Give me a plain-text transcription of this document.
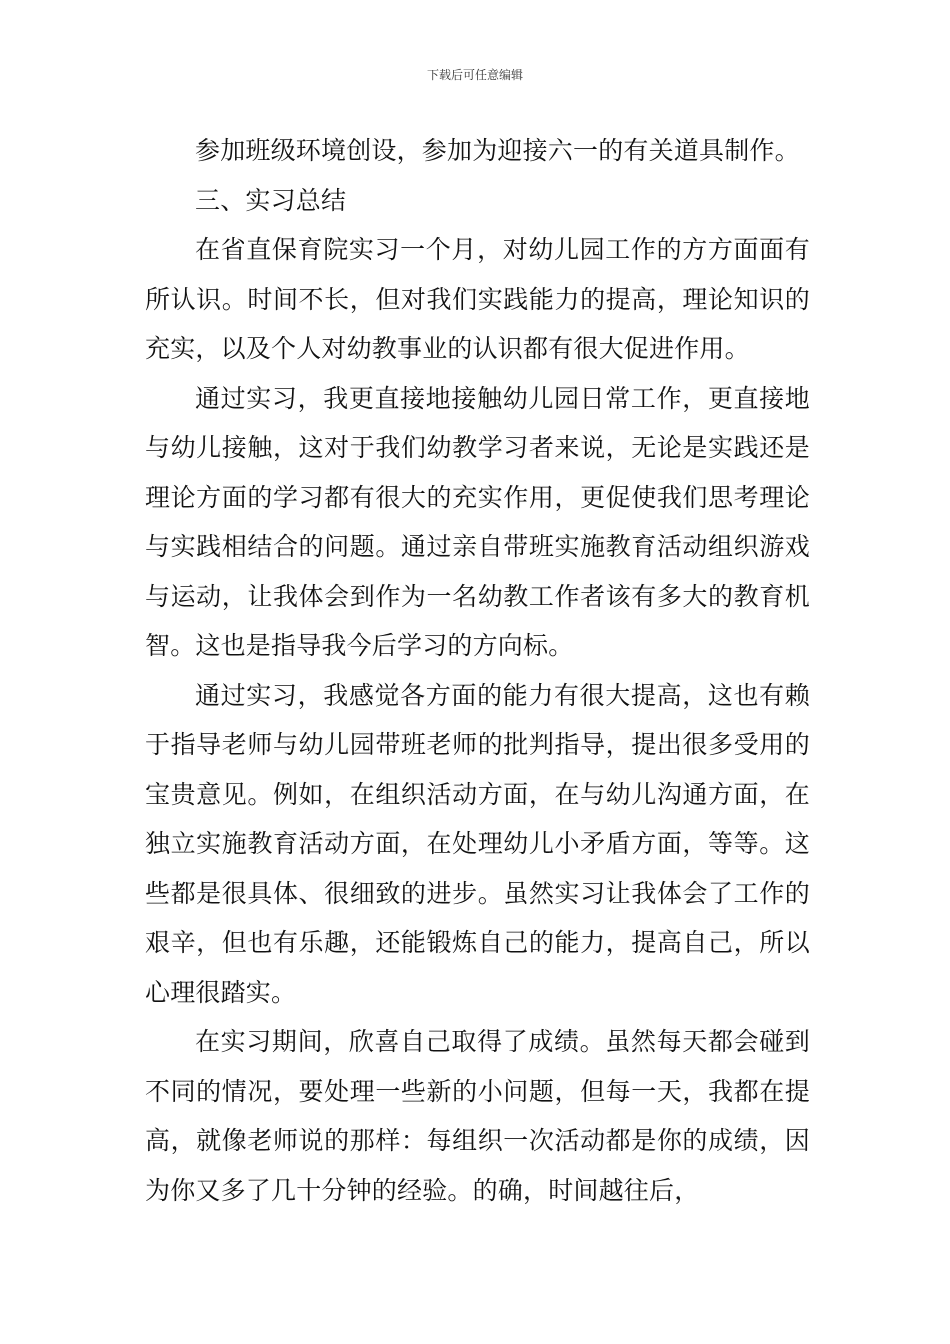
下载后可任意编辑

参加班级环境创设，参加为迎接六一的有关道具制作。

三、实习总结

在省直保育院实习一个月，对幼儿园工作的方方面面有所认识。时间不长，但对我们实践能力的提高，理论知识的充实，以及个人对幼教事业的认识都有很大促进作用。

通过实习，我更直接地接触幼儿园日常工作，更直接地与幼儿接触，这对于我们幼教学习者来说，无论是实践还是理论方面的学习都有很大的充实作用，更促使我们思考理论与实践相结合的问题。通过亲自带班实施教育活动组织游戏与运动，让我体会到作为一名幼教工作者该有多大的教育机智。这也是指导我今后学习的方向标。

通过实习，我感觉各方面的能力有很大提高，这也有赖于指导老师与幼儿园带班老师的批判指导，提出很多受用的宝贵意见。例如，在组织活动方面，在与幼儿沟通方面，在独立实施教育活动方面，在处理幼儿小矛盾方面，等等。这些都是很具体、很细致的进步。虽然实习让我体会了工作的艰辛，但也有乐趣，还能锻炼自己的能力，提高自己，所以心理很踏实。

在实习期间，欣喜自己取得了成绩。虽然每天都会碰到不同的情况，要处理一些新的小问题，但每一天，我都在提高，就像老师说的那样：每组织一次活动都是你的成绩，因为你又多了几十分钟的经验。的确，时间越往后，
